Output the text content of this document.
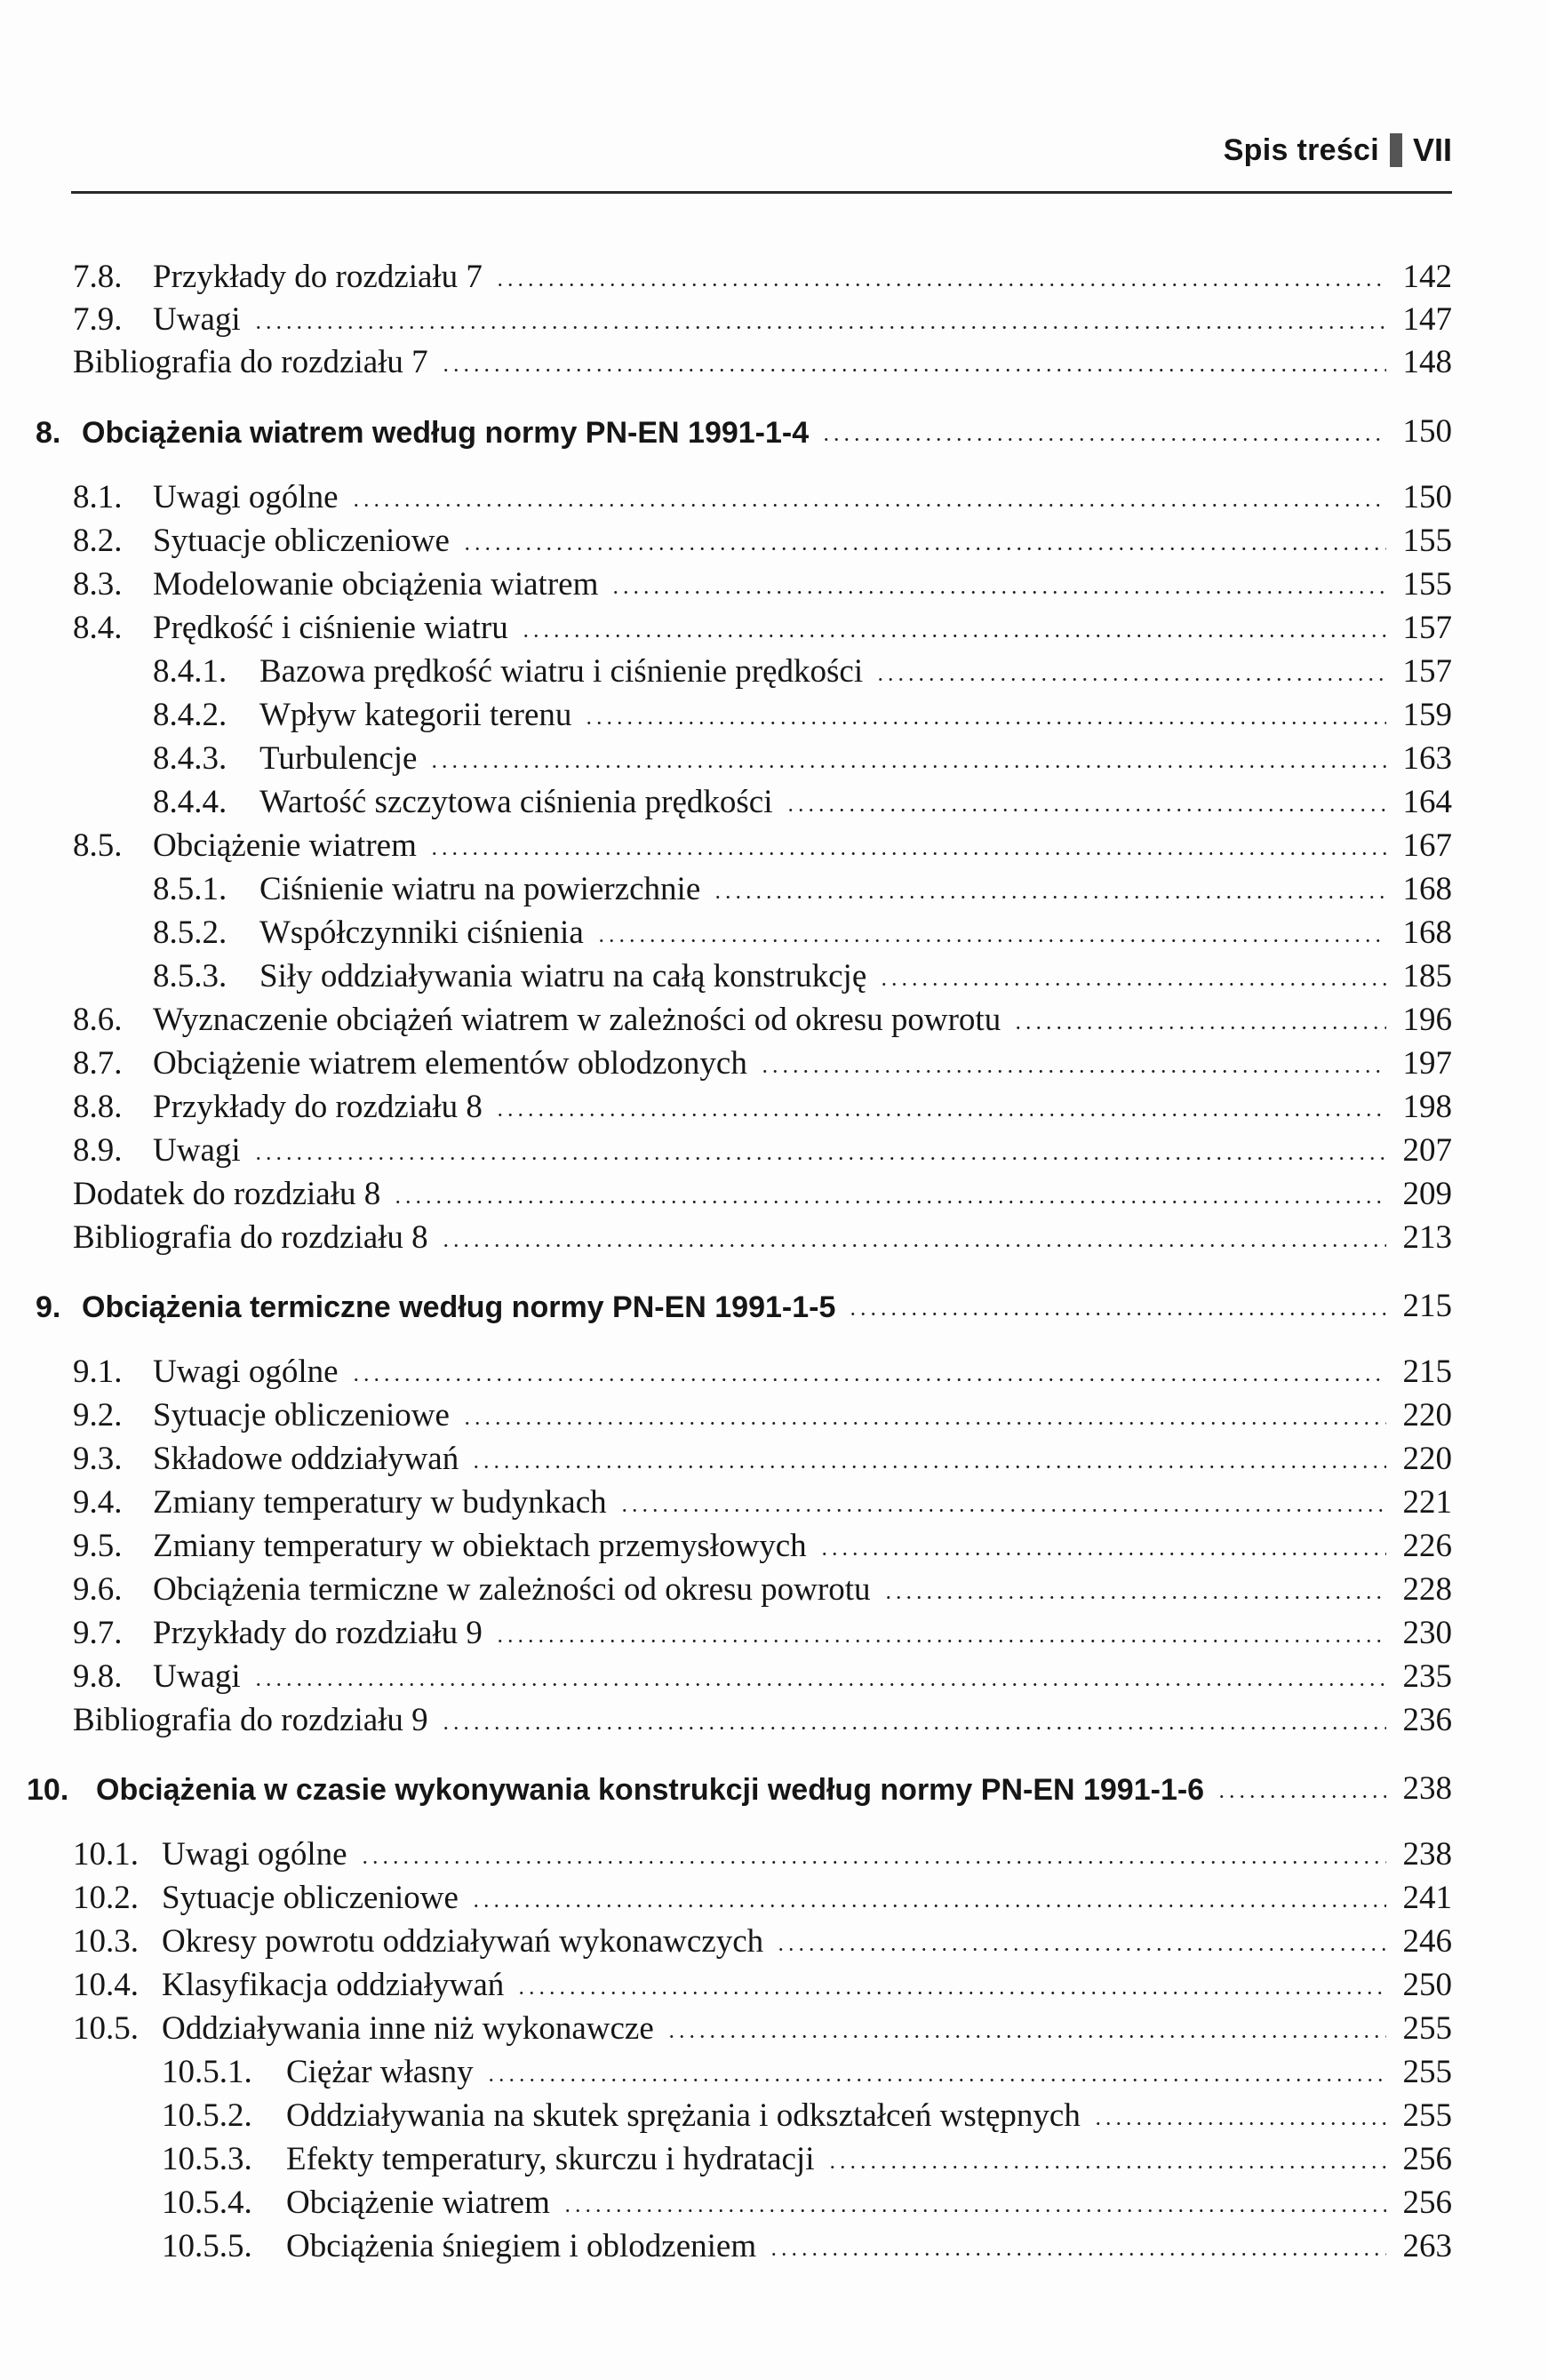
Spis treści VII
7.8. Przykłady do rozdziału 7	142
7.9. Uwagi	147
Bibliografia do rozdziału 7	148
8. Obciążenia wiatrem według normy PN-EN 1991-1-4	150
8.1. Uwagi ogólne	150
8.2. Sytuacje obliczeniowe	155
8.3. Modelowanie obciążenia wiatrem	155
8.4. Prędkość i ciśnienie wiatru	157
8.4.1. Bazowa prędkość wiatru i ciśnienie prędkości	157
8.4.2. Wpływ kategorii terenu	159
8.4.3. Turbulencje	163
8.4.4. Wartość szczytowa ciśnienia prędkości	164
8.5. Obciążenie wiatrem	167
8.5.1. Ciśnienie wiatru na powierzchnie	168
8.5.2. Współczynniki ciśnienia	168
8.5.3. Siły oddziaływania wiatru na całą konstrukcję	185
8.6. Wyznaczenie obciążeń wiatrem w zależności od okresu powrotu	196
8.7. Obciążenie wiatrem elementów oblodzonych	197
8.8. Przykłady do rozdziału 8	198
8.9. Uwagi	207
Dodatek do rozdziału 8	209
Bibliografia do rozdziału 8	213
9. Obciążenia termiczne według normy PN-EN 1991-1-5	215
9.1. Uwagi ogólne	215
9.2. Sytuacje obliczeniowe	220
9.3. Składowe oddziaływań	220
9.4. Zmiany temperatury w budynkach	221
9.5. Zmiany temperatury w obiektach przemysłowych	226
9.6. Obciążenia termiczne w zależności od okresu powrotu	228
9.7. Przykłady do rozdziału 9	230
9.8. Uwagi	235
Bibliografia do rozdziału 9	236
10. Obciążenia w czasie wykonywania konstrukcji według normy PN-EN 1991-1-6	238
10.1. Uwagi ogólne	238
10.2. Sytuacje obliczeniowe	241
10.3. Okresy powrotu oddziaływań wykonawczych	246
10.4. Klasyfikacja oddziaływań	250
10.5. Oddziaływania inne niż wykonawcze	255
10.5.1.	Ciężar własny	255
10.5.2.	Oddziaływania na skutek sprężania i odkształceń wstępnych	255
10.5.3.	Efekty temperatury, skurczu i hydratacji	256
10.5.4.	Obciążenie wiatrem	256
10.5.5.	Obciążenia śniegiem i oblodzeniem	263
